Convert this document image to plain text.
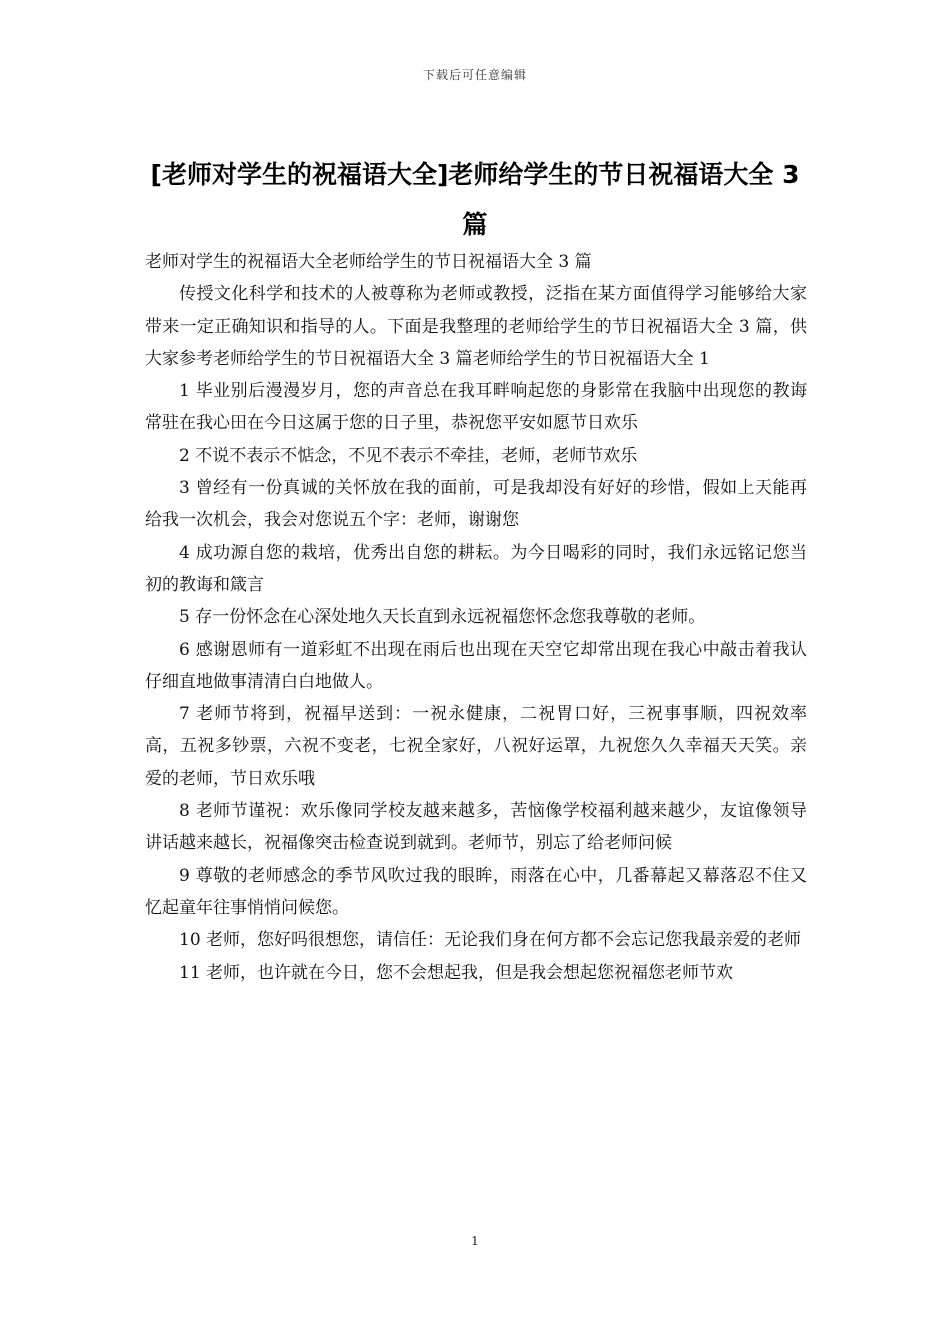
下载后可任意编辑
[老师对学生的祝福语大全]老师给学生的节日祝福语大全 3 篇

老师对学生的祝福语大全老师给学生的节日祝福语大全 3 篇

传授文化科学和技术的人被尊称为老师或教授，泛指在某方面值得学习能够给大家带来一定正确知识和指导的人。下面是我整理的老师给学生的节日祝福语大全 3 篇，供大家参考老师给学生的节日祝福语大全 3 篇老师给学生的节日祝福语大全 1

1 毕业别后漫漫岁月，您的声音总在我耳畔响起您的身影常在我脑中出现您的教诲常驻在我心田在今日这属于您的日子里，恭祝您平安如愿节日欢乐

2 不说不表示不惦念，不见不表示不牵挂，老师，老师节欢乐

3 曾经有一份真诚的关怀放在我的面前，可是我却没有好好的珍惜，假如上天能再给我一次机会，我会对您说五个字：老师，谢谢您

4 成功源自您的栽培，优秀出自您的耕耘。为今日喝彩的同时，我们永远铭记您当初的教诲和箴言

5 存一份怀念在心深处地久天长直到永远祝福您怀念您我尊敬的老师。

6 感谢恩师有一道彩虹不出现在雨后也出现在天空它却常出现在我心中敲击着我认仔细直地做事清清白白地做人。

7 老师节将到，祝福早送到：一祝永健康，二祝胃口好，三祝事事顺，四祝效率高，五祝多钞票，六祝不变老，七祝全家好，八祝好运罩，九祝您久久幸福天天笑。亲爱的老师，节日欢乐哦

8 老师节谨祝：欢乐像同学校友越来越多，苦恼像学校福利越来越少，友谊像领导讲话越来越长，祝福像突击检查说到就到。老师节，别忘了给老师问候

9 尊敬的老师感念的季节风吹过我的眼眸，雨落在心中，几番幕起又幕落忍不住又忆起童年往事悄悄问候您。

10 老师，您好吗很想您，请信任：无论我们身在何方都不会忘记您我最亲爱的老师

11 老师，也许就在今日，您不会想起我，但是我会想起您祝福您老师节欢

1
